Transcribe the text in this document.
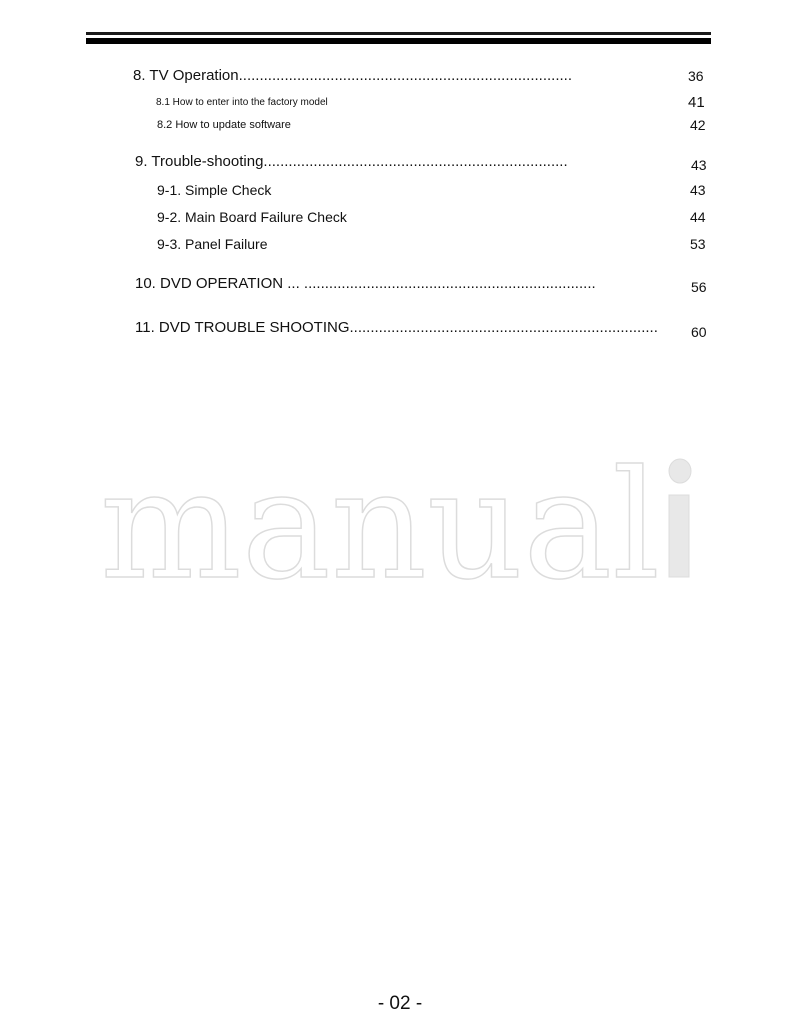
8. TV Operation................................................................................	36
8.1 How to enter into the factory model	41
8.2 How to update software	42
9. Trouble-shooting.........................................................................	43
9-1. Simple Check	43
9-2. Main Board Failure Check	44
9-3. Panel Failure	53
10. DVD OPERATION ... ......................................................................	56
11. DVD TROUBLE SHOOTING.......................................................................... 60
manual
- 02 -
